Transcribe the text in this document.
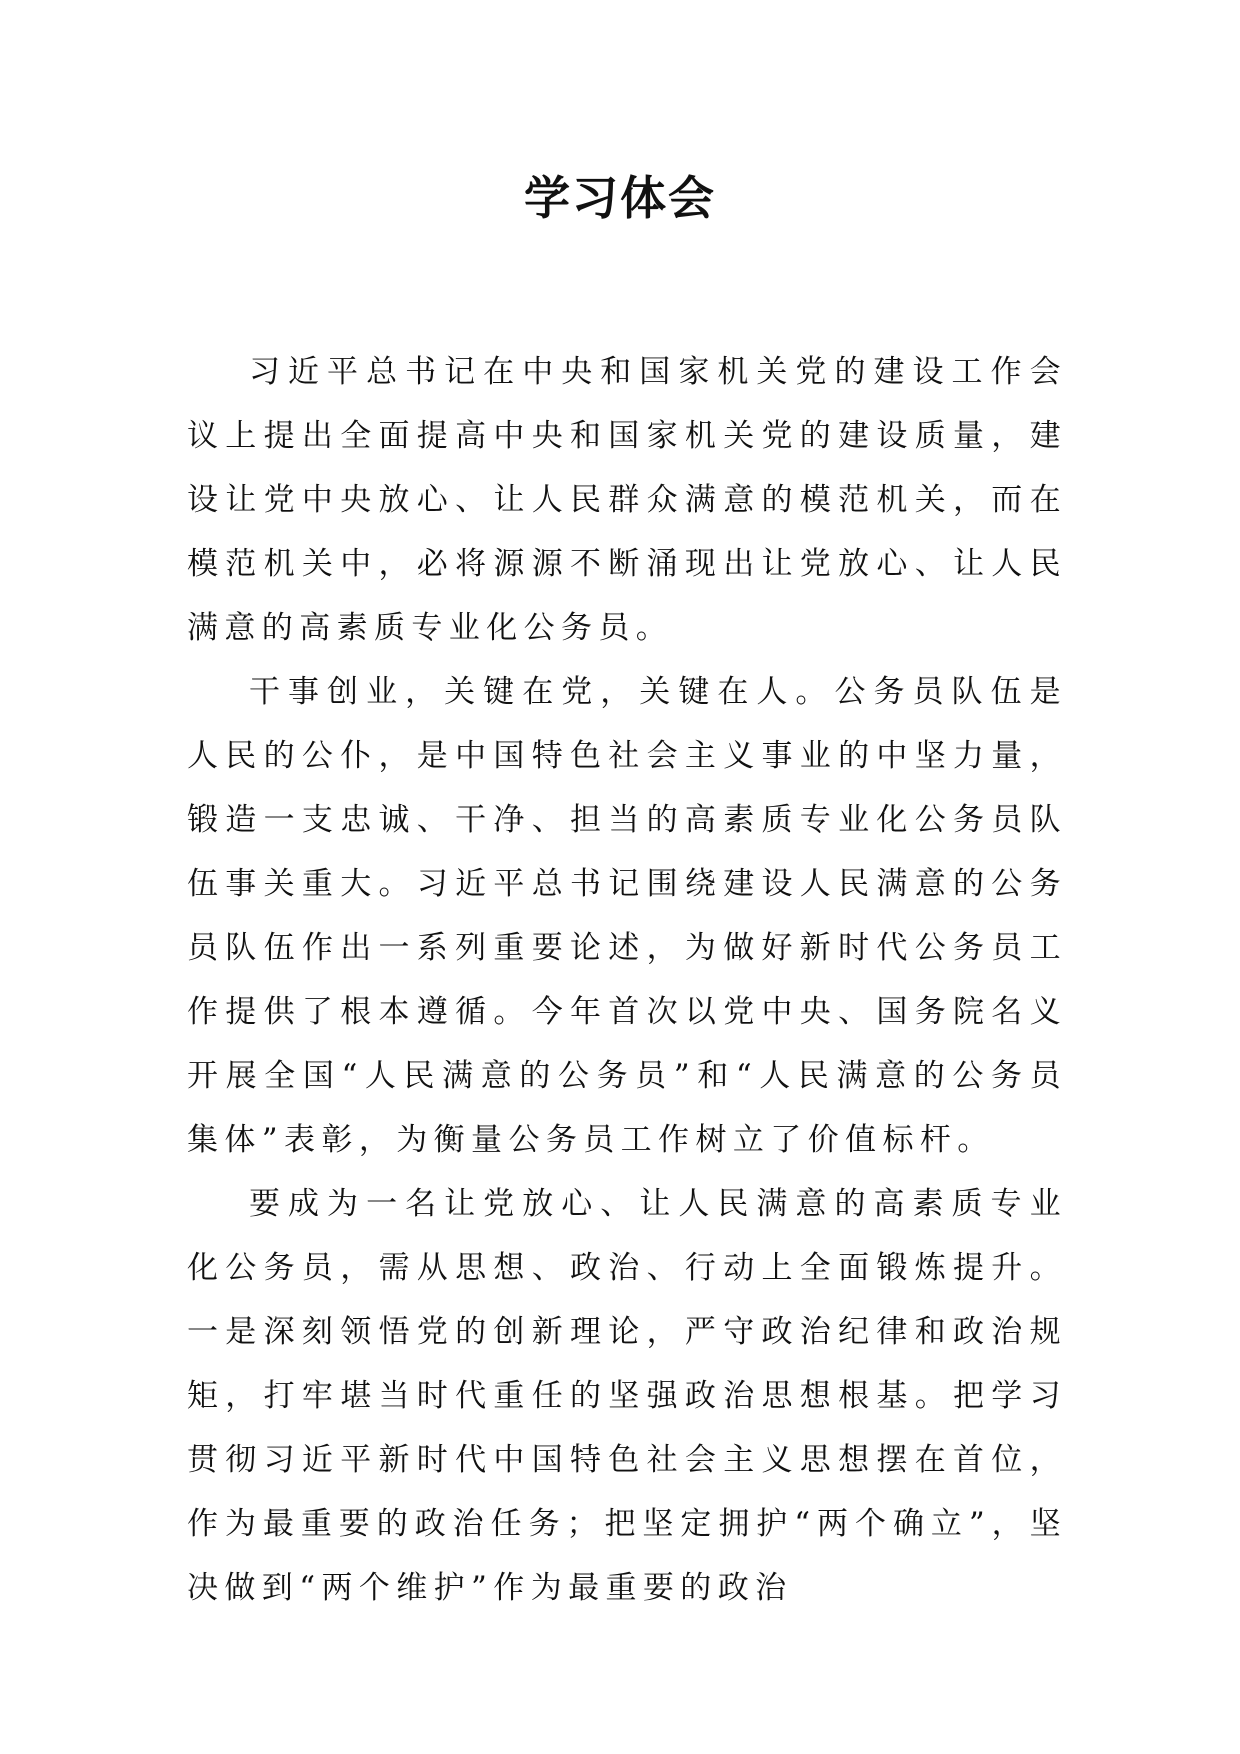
学习体会

习近平总书记在中央和国家机关党的建设工作会议上提出全面提高中央和国家机关党的建设质量，建设让党中央放心、让人民群众满意的模范机关，而在模范机关中，必将源源不断涌现出让党放心、让人民满意的高素质专业化公务员。

干事创业，关键在党，关键在人。公务员队伍是人民的公仆，是中国特色社会主义事业的中坚力量，锻造一支忠诚、干净、担当的高素质专业化公务员队伍事关重大。习近平总书记围绕建设人民满意的公务员队伍作出一系列重要论述，为做好新时代公务员工作提供了根本遵循。今年首次以党中央、国务院名义开展全国“人民满意的公务员”和“人民满意的公务员集体”表彰，为衡量公务员工作树立了价值标杆。

要成为一名让党放心、让人民满意的高素质专业化公务员，需从思想、政治、行动上全面锻炼提升。一是深刻领悟党的创新理论，严守政治纪律和政治规矩，打牢堪当时代重任的坚强政治思想根基。把学习贯彻习近平新时代中国特色社会主义思想摆在首位，作为最重要的政治任务；把坚定拥护“两个确立”，坚决做到“两个维护”作为最重要的政治
